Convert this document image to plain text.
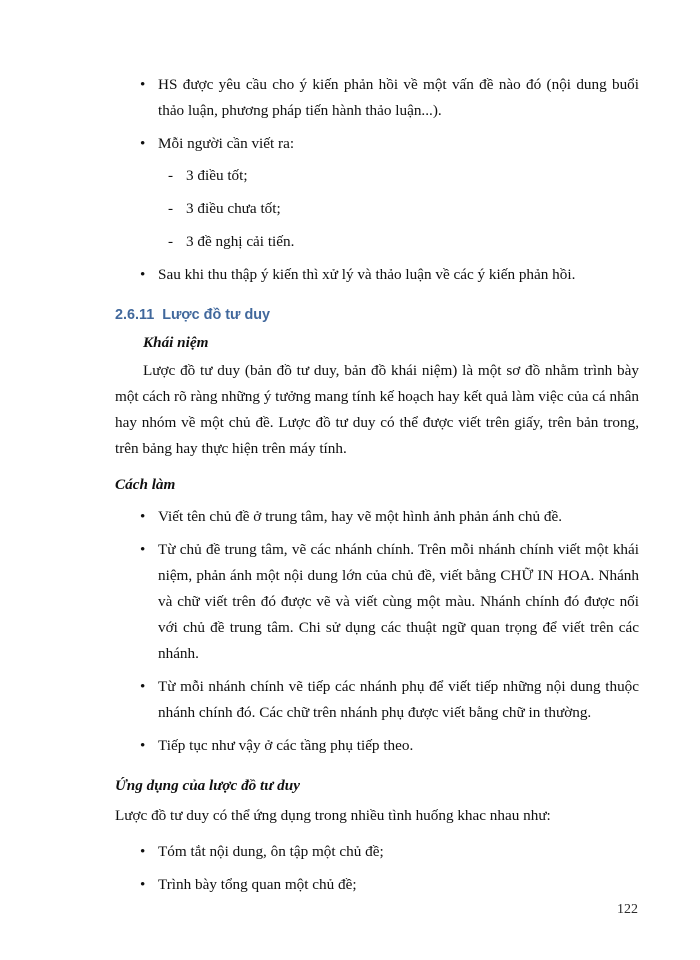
• HS được yêu cầu cho ý kiến phản hồi về một vấn đề nào đó (nội dung buổi thảo luận, phương pháp tiến hành thảo luận...).
• Mỗi người cần viết ra:
- 3 điều tốt;
- 3 điều chưa tốt;
- 3 đề nghị cải tiến.
• Sau khi thu thập ý kiến thì xử lý và thảo luận về các ý kiến phản hồi.
2.6.11  Lược đồ tư duy
Khái niệm

Lược đồ tư duy (bản đồ tư duy, bản đồ khái niệm) là một sơ đồ nhằm trình bày một cách rõ ràng những ý tưởng mang tính kế hoạch hay kết quả làm việc của cá nhân hay nhóm về một chủ đề. Lược đồ tư duy có thể được viết trên giấy, trên bản trong, trên bảng hay thực hiện trên máy tính.

Cách làm
• Viết tên chủ đề ở trung tâm, hay vẽ một hình ảnh phản ánh chủ đề.
• Từ chủ đề trung tâm, vẽ các nhánh chính. Trên mỗi nhánh chính viết một khái niệm, phản ánh một nội dung lớn của chủ đề, viết bằng CHỮ IN HOA. Nhánh và chữ viết trên đó được vẽ và viết cùng một màu. Nhánh chính đó được nối với chủ đề trung tâm. Chi sử dụng các thuật ngữ quan trọng để viết trên các nhánh.
• Từ mỗi nhánh chính vẽ tiếp các nhánh phụ để viết tiếp những nội dung thuộc nhánh chính đó. Các chữ trên nhánh phụ được viết bằng chữ in thường.
• Tiếp tục như vậy ở các tầng phụ tiếp theo.
Ứng dụng của lược đồ tư duy

Lược đồ tư duy có thể ứng dụng trong nhiều tình huống khac nhau như:

• Tóm tắt nội dung, ôn tập một chủ đề;
• Trình bày tổng quan một chủ đề;
122
